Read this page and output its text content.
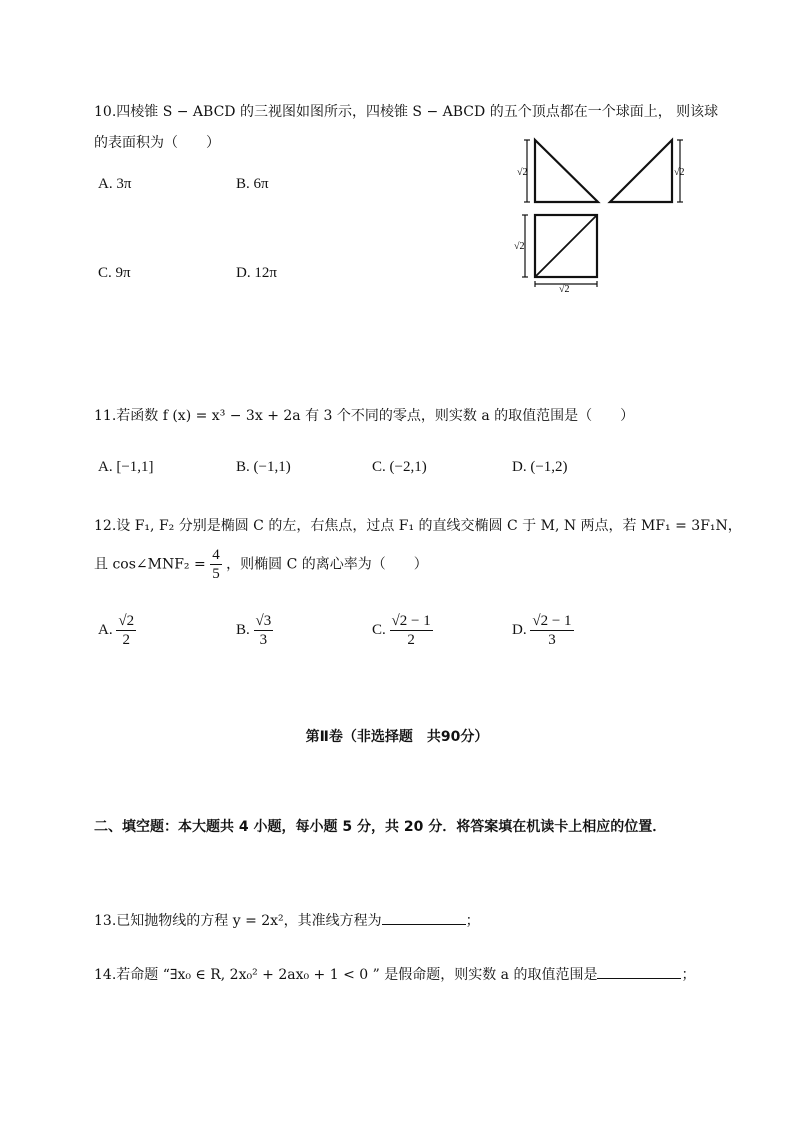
10.四棱锥 S − ABCD 的三视图如图所示，四棱锥 S − ABCD 的五个顶点都在一个球面上， 则该球
的表面积为（　　）
A. 3π	B. 6π
C. 9π	D. 12π
√2	√2
√2
√2
11.若函数 f (x) = x³ − 3x + 2a 有 3 个不同的零点，则实数 a 的取值范围是（　　）
A. [−1,1]	B. (−1,1)	C. (−2,1)	D. (−1,2)
12.设 F₁, F₂ 分别是椭圆 C 的左，右焦点，过点 F₁ 的直线交椭圆 C 于 M, N 两点，若 MF₁ = 3F₁N，
且 cos∠MNF₂ = $\frac{4}{5}$ ，则椭圆 C 的离心率为（　　）
A. $\frac{√2}{2}$	B. $\frac{√3}{3}$	C. $\frac{√2 - 1}{2}$	D. $\frac{√2 - 1}{3}$
第Ⅱ卷（非选择题　共90分）
二、填空题：本大题共 4 小题，每小题 5 分，共 20 分．将答案填在机读卡上相应的位置．
13.已知抛物线的方程 y = 2x²，其准线方程为	；
14.若命题 “∃x₀ ∈ R, 2x₀² + 2ax₀ + 1 < 0 ” 是假命题，则实数 a 的取值范围是	；
